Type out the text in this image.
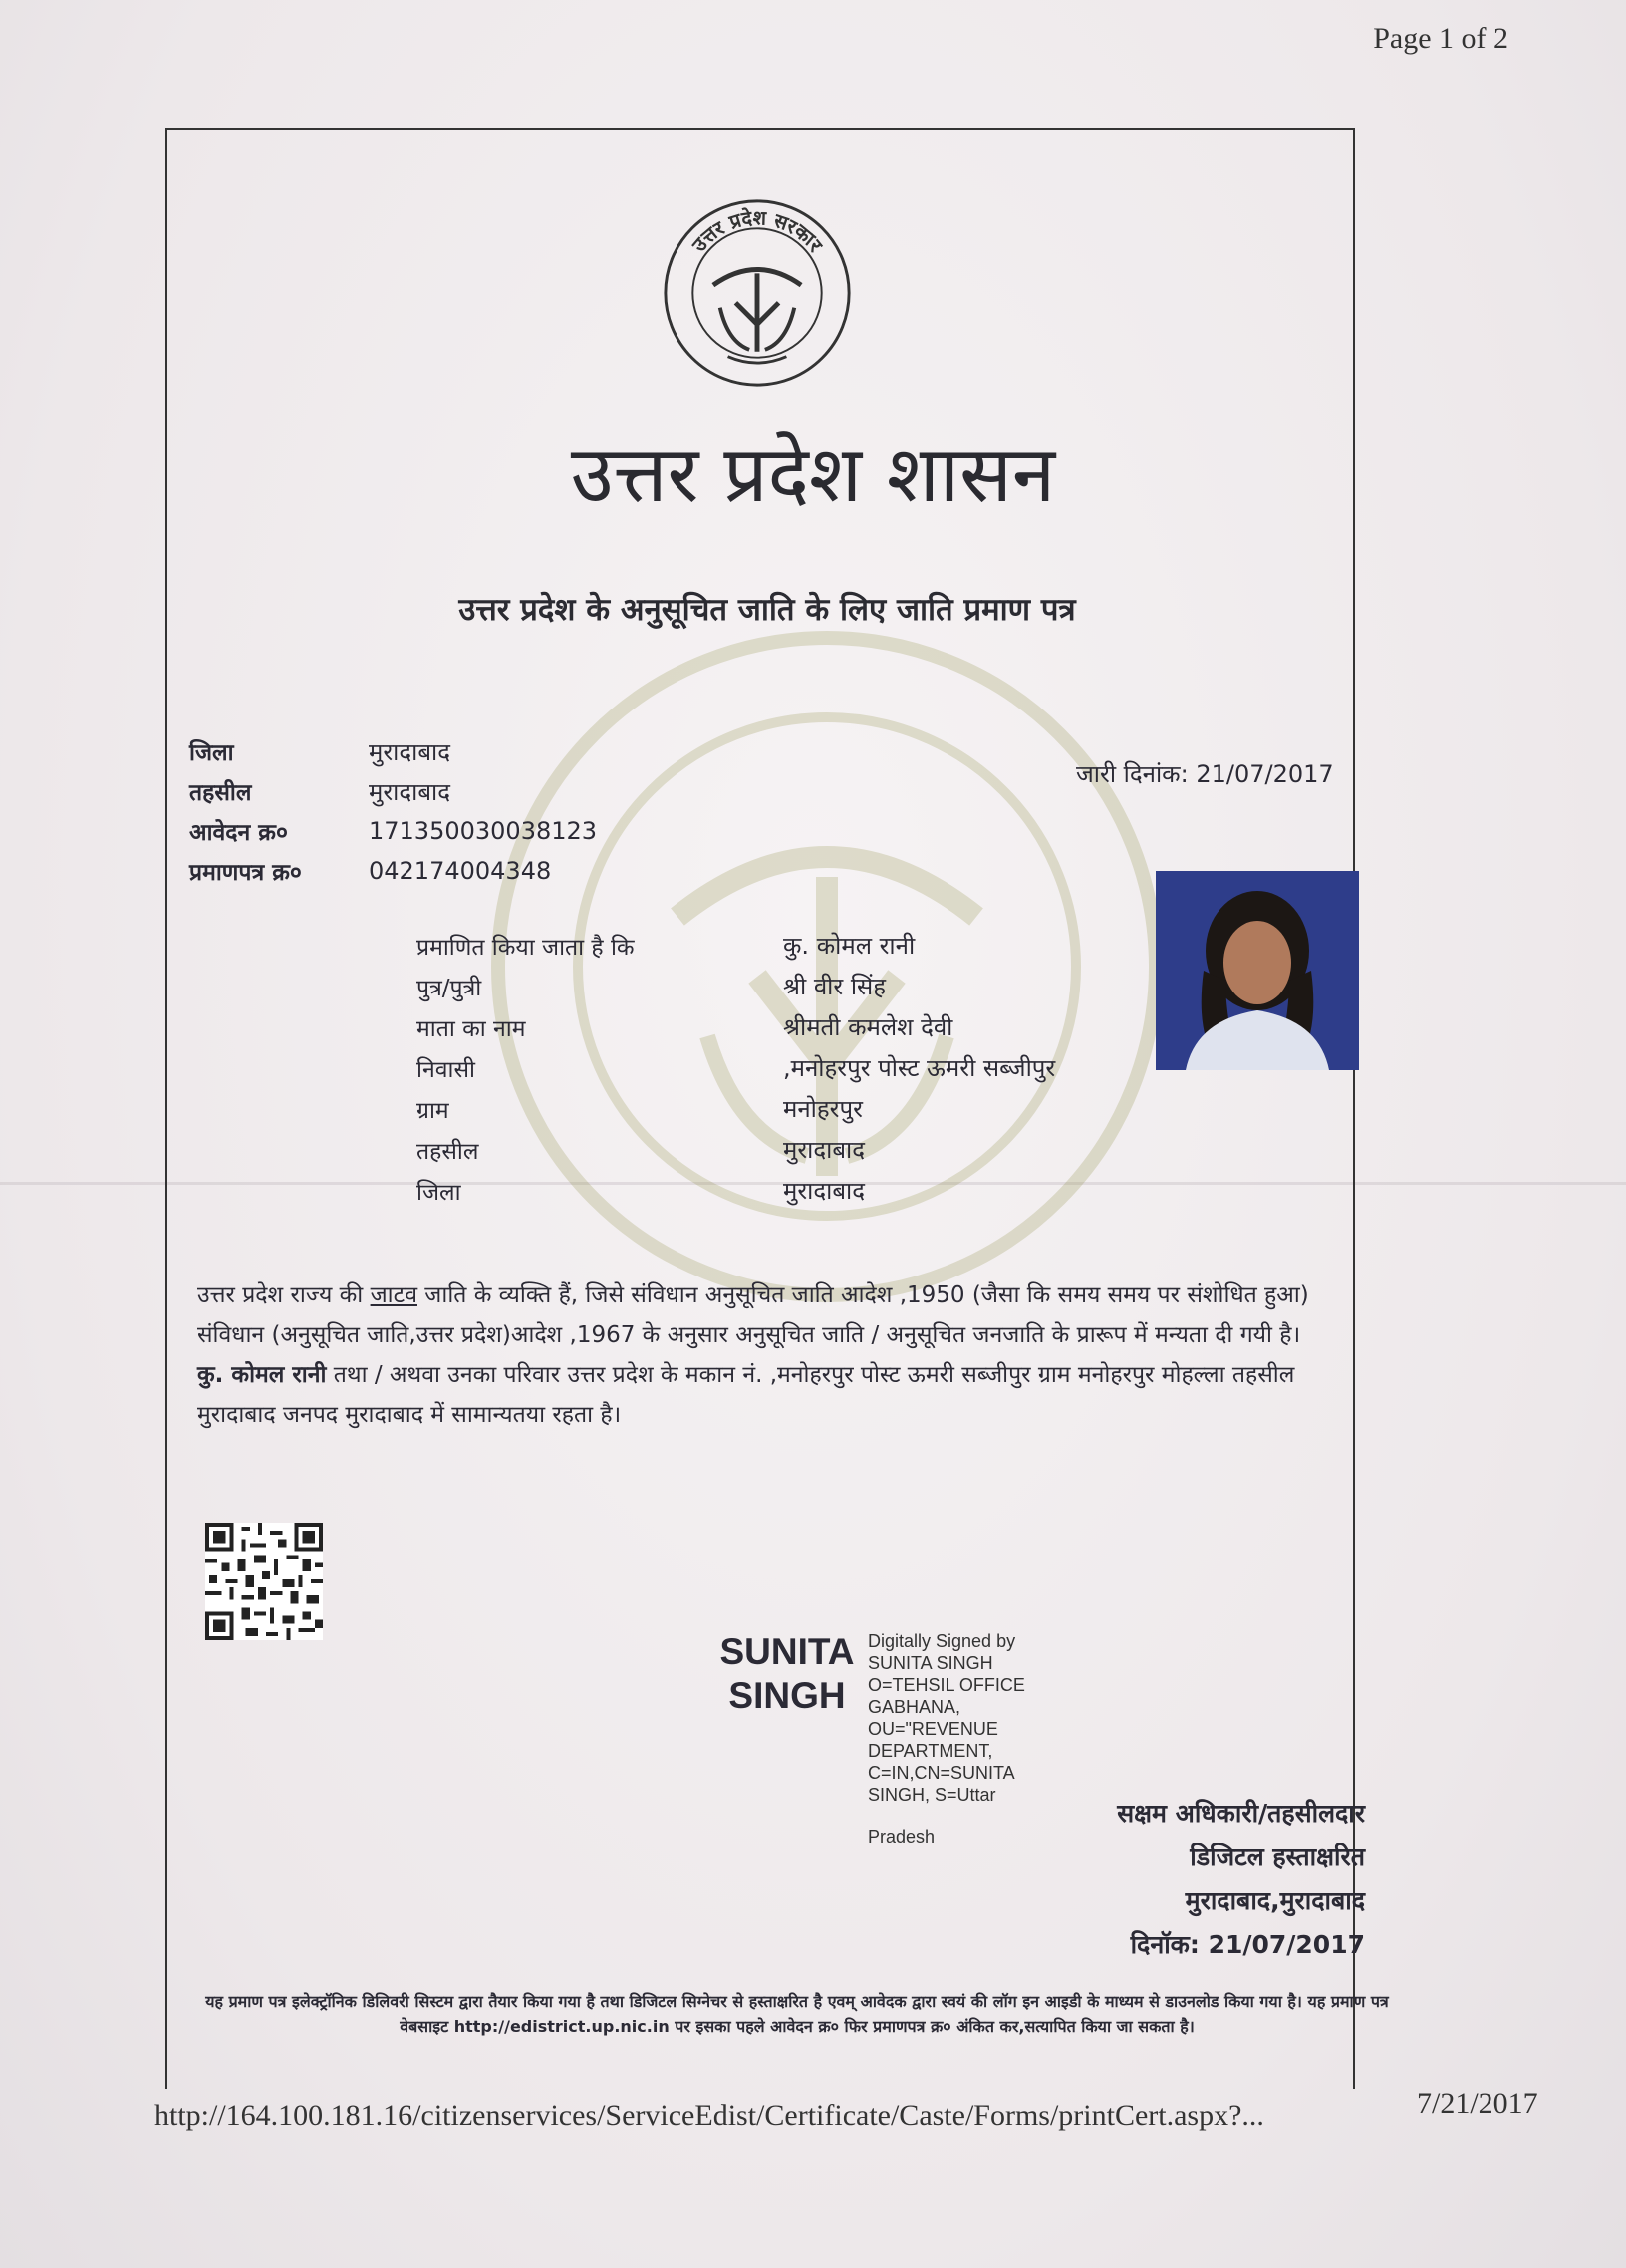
Page 1 of 2
उत्तर प्रदेश सरकार
उत्तर प्रदेश शासन
उत्तर प्रदेश के अनुसूचित जाति के लिए जाति प्रमाण पत्र
जिला	मुरादाबाद
तहसील	मुरादाबाद
आवेदन क्र०	171350030038123
प्रमाणपत्र क्र०	042174004348
जारी दिनांक: 21/07/2017
प्रमाणित किया जाता है कि	कु. कोमल रानी
पुत्र/पुत्री	श्री वीर सिंह
माता का नाम	श्रीमती कमलेश देवी
निवासी	,मनोहरपुर पोस्ट ऊमरी सब्जीपुर
ग्राम	मनोहरपुर
तहसील	मुरादाबाद
जिला	मुरादाबाद
उत्तर प्रदेश राज्य की जाटव जाति के व्यक्ति हैं, जिसे संविधान अनुसूचित जाति आदेश ,1950 (जैसा कि समय समय पर संशोधित हुआ) संविधान (अनुसूचित जाति,उत्तर प्रदेश)आदेश ,1967 के अनुसार अनुसूचित जाति / अनुसूचित जनजाति के प्रारूप में मन्यता दी गयी है।
कु. कोमल रानी तथा / अथवा उनका परिवार उत्तर प्रदेश के मकान नं. ,मनोहरपुर पोस्ट ऊमरी सब्जीपुर ग्राम मनोहरपुर मोहल्ला तहसील मुरादाबाद जनपद मुरादाबाद में सामान्यतया रहता है।
SUNITA
SINGH
Digitally Signed by SUNITA SINGH O=TEHSIL OFFICE GABHANA, OU="REVENUE DEPARTMENT, C=IN,CN=SUNITA SINGH, S=Uttar
Pradesh
सक्षम अधिकारी/तहसीलदार
डिजिटल हस्ताक्षरित
मुरादाबाद,मुरादाबाद
दिनॉक: 21/07/2017
यह प्रमाण पत्र इलेक्ट्रॉनिक डिलिवरी सिस्टम द्वारा तैयार किया गया है तथा डिजिटल सिग्नेचर से हस्ताक्षरित है एवम् आवेदक द्वारा स्वयं की लॉग इन आइडी के माध्यम से डाउनलोड किया गया है। यह प्रमाण पत्र वेबसाइट http://edistrict.up.nic.in पर इसका पहले आवेदन क्र० फिर प्रमाणपत्र क्र० अंकित कर,सत्यापित किया जा सकता है।
http://164.100.181.16/citizenservices/ServiceEdist/Certificate/Caste/Forms/printCert.aspx?...	7/21/2017
